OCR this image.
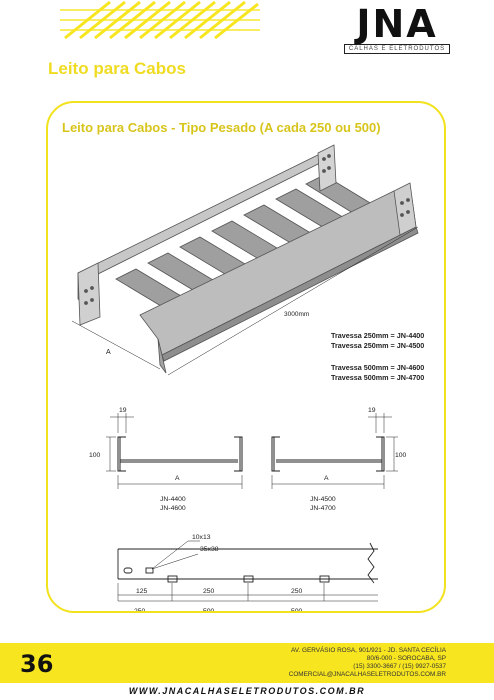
JNA
CALHAS E ELETRODUTOS
Leito para Cabos
Leito para Cabos - Tipo Pesado (A cada 250 ou 500)
A
3000mm
Travessa 250mm = JN-4400
Travessa 250mm = JN-4500
Travessa 500mm = JN-4600
Travessa 500mm = JN-4700
19
100
A
JN-4400
JN-4600
19
100
A
JN-4500
JN-4700
10x13
35x38
125	250	250
250	500	500
36	AV. GERVÁSIO ROSA, 901/921 - JD. SANTA CECÍLIA
80/6-000 - SOROCABA, SP
(15) 3300-3667 / (15) 9927-0537
COMERCIAL@JNACALHASELETRODUTOS.COM.BR
WWW.JNACALHASELETRODUTOS.COM.BR
